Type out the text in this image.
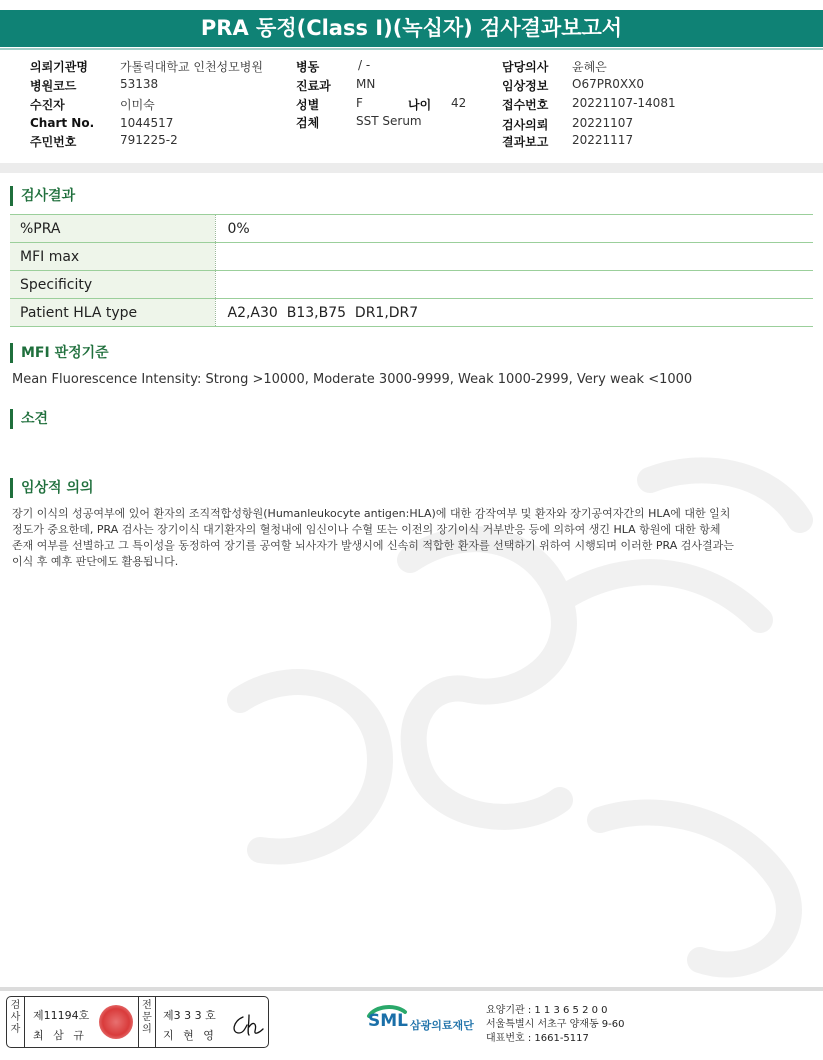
PRA 동정(Class I)(녹십자) 검사결과보고서
의뢰기관명	가톨릭대학교 인천성모병원
병원코드	53138
수진자	이미숙
Chart No. 1044517
주민번호	791225-2
병동	/ -
진료과 MN
성별	F	나이 42
검체	SST Serum
담당의사 윤혜은
임상정보 O67PR0XX0
접수번호 20221107-14081
검사의뢰 20221107
결과보고 20221117
검사결과
%PRA	0%
MFI max	
Specificity	
Patient HLA type	A2,A30  B13,B75  DR1,DR7
MFI 판정기준
Mean Fluorescence Intensity: Strong >10000, Moderate 3000-9999, Weak 1000-2999, Very weak <1000
소견
임상적 의의
장기 이식의 성공여부에 있어 환자의 조직적합성항원(Humanleukocyte antigen:HLA)에 대한 감작여부 및 환자와 장기공여자간의 HLA에 대한 일치
정도가 중요한데, PRA 검사는 장기이식 대기환자의 혈청내에 임신이나 수혈 또는 이전의 장기이식 거부반응 등에 의하여 생긴 HLA 항원에 대한 항체
존재 여부를 선별하고 그 특이성을 동정하여 장기를 공여할 뇌사자가 발생시에 신속히 적합한 환자를 선택하기 위하여 시행되며 이러한 PRA 검사결과는
이식 후 예후 판단에도 활용됩니다.
검
사
자
제11194호
최 삼 규
전
문
의
제3 3 3 호
지 현 영
SML 삼광의료재단
요양기관 : 1 1 3 6 5 2 0 0
서울특별시 서초구 양재동 9-60
대표번호 : 1661-5117
